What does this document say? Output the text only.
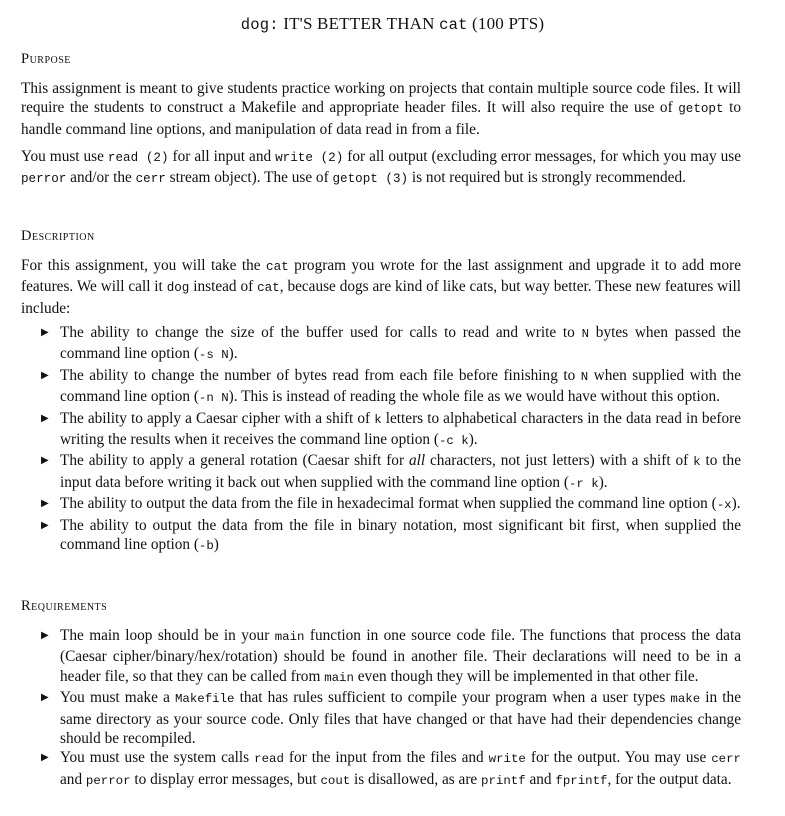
dog: IT'S BETTER THAN cat (100 PTS)
Purpose

This assignment is meant to give students practice working on projects that contain multiple source code files. It will require the students to construct a Makefile and appropriate header files. It will also require the use of getopt to handle command line options, and manipulation of data read in from a file.

You must use read (2) for all input and write (2) for all output (excluding error messages, for which you may use perror and/or the cerr stream object). The use of getopt (3) is not required but is strongly recommended.

Description

For this assignment, you will take the cat program you wrote for the last assignment and upgrade it to add more features. We will call it dog instead of cat, because dogs are kind of like cats, but way better. These new features will include:

▶ The ability to change the size of the buffer used for calls to read and write to N bytes when passed the command line option (-s N).
▶ The ability to change the number of bytes read from each file before finishing to N when supplied with the command line option (-n N). This is instead of reading the whole file as we would have without this option.
▶ The ability to apply a Caesar cipher with a shift of k letters to alphabetical characters in the data read in before writing the results when it receives the command line option (-c k).
▶ The ability to apply a general rotation (Caesar shift for all characters, not just letters) with a shift of k to the input data before writing it back out when supplied with the command line option (-r k).
▶ The ability to output the data from the file in hexadecimal format when supplied the command line option (-x).
▶ The ability to output the data from the file in binary notation, most significant bit first, when supplied the command line option (-b)
Requirements
▶ The main loop should be in your main function in one source code file. The functions that process the data (Caesar cipher/binary/hex/rotation) should be found in another file. Their declarations will need to be in a header file, so that they can be called from main even though they will be implemented in that other file.
▶ You must make a Makefile that has rules sufficient to compile your program when a user types make in the same directory as your source code. Only files that have changed or that have had their dependencies change should be recompiled.
▶ You must use the system calls read for the input from the files and write for the output. You may use cerr and perror to display error messages, but cout is disallowed, as are printf and fprintf, for the output data.
